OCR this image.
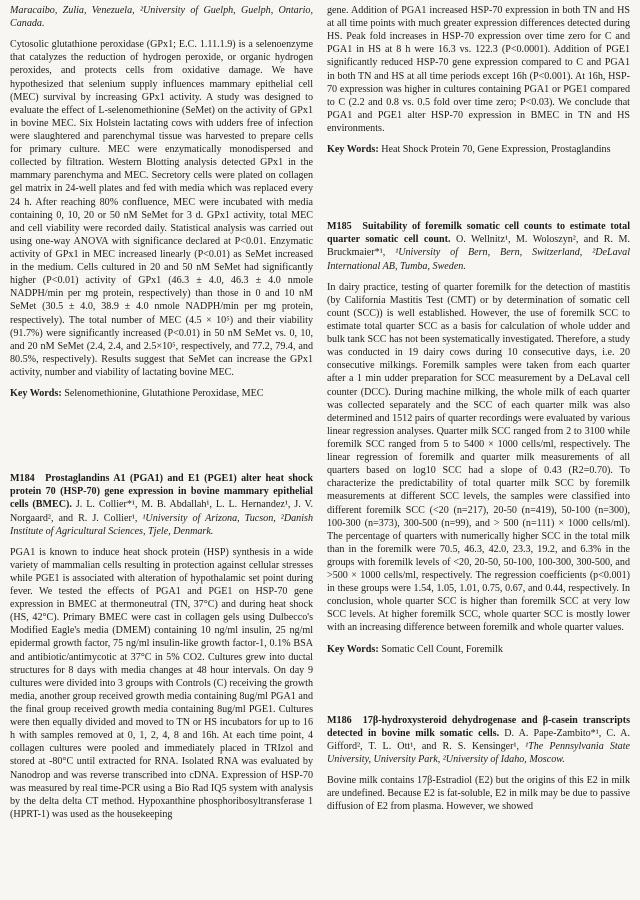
Maracaibo, Zulia, Venezuela, ²University of Guelph, Guelph, Ontario, Canada.

Cytosolic glutathione peroxidase (GPx1; E.C. 1.11.1.9) is a selenoenzyme that catalyzes the reduction of hydrogen peroxide, or organic hydrogen peroxides, and protects cells from oxidative damage. We have hypothesized that selenium supply influences mammary epithelial cell (MEC) survival by increasing GPx1 activity. A study was designed to evaluate the effect of L-selenomethionine (SeMet) on the activity of GPx1 in bovine MEC. Six Holstein lactating cows with udders free of infection were slaughtered and parenchymal tissue was harvested to prepare cells for primary culture. MEC were enzymatically monodispersed and collected by filtration. Western Blotting analysis detected GPx1 in the mammary parenchyma and MEC. Secretory cells were plated on collagen gel matrix in 24-well plates and fed with media which was replaced every 24 h. After reaching 80% confluence, MEC were incubated with media containing 0, 10, 20 or 50 nM SeMet for 3 d. GPx1 activity, total MEC and cell viability were recorded daily. Statistical analysis was carried out using one-way ANOVA with significance declared at P<0.01. Enzymatic activity of GPx1 in MEC increased linearly (P<0.01) as SeMet increased in the medium. Cells cultured in 20 and 50 nM SeMet had significantly higher (P<0.01) activity of GPx1 (46.3 ± 4.0, 46.3 ± 4.0 nmole NADPH/min per mg protein, respectively) than those in 0 and 10 nM SeMet (30.5 ± 4.0, 38.9 ± 4.0 nmole NADPH/min per mg protein, respectively). The total number of MEC (4.5 × 10⁵) and their viability (91.7%) were significantly increased (P<0.01) in 50 nM SeMet vs. 0, 10, and 20 nM SeMet (2.4, 2.4, and 2.5×10⁵, respectively, and 77.2, 79.4, and 80.5%, respectively). Results suggest that SeMet can increase the GPx1 activity, number and viability of lactating bovine MEC.

Key Words: Selenomethionine, Glutathione Peroxidase, MEC

M184 Prostaglandins A1 (PGA1) and E1 (PGE1) alter heat shock protein 70 (HSP-70) gene expression in bovine mammary epithelial cells (BMEC). J. L. Collier*¹, M. B. Abdallah¹, L. L. Hernandez¹, J. V. Norgaard², and R. J. Collier¹, ¹University of Arizona, Tucson, ²Danish Institute of Agricultural Sciences, Tjele, Denmark.

PGA1 is known to induce heat shock protein (HSP) synthesis in a wide variety of mammalian cells resulting in protection against cellular stresses while PGE1 is associated with alteration of hypothalamic set point during fever. We tested the effects of PGA1 and PGE1 on HSP-70 gene expression in BMEC at thermoneutral (TN, 37°C) and during heat shock (HS, 42°C). Primary BMEC were cast in collagen gels using Dulbecco's Modified Eagle's media (DMEM) containing 10 ng/ml insulin, 25 ng/ml epidermal growth factor, 75 ng/ml insulin-like growth factor-1, 0.1% BSA and antibiotic/antimycotic at 37°C in 5% CO2. Cultures grew into ductal structures for 8 days with media changes at 48 hour intervals. On day 9 cultures were divided into 3 groups with Controls (C) receiving the growth media, another group received growth media containing 8ug/ml PGA1 and the final group received growth media containing 8ug/ml PGE1. Cultures were then equally divided and moved to TN or HS incubators for up to 16 h with samples removed at 0, 1, 2, 4, 8 and 16h. At each time point, 4 collagen cultures were pooled and immediately placed in TRIzol and stored at -80°C until extracted for RNA. Isolated RNA was evaluated by Nanodrop and was reverse transcribed into cDNA. Expression of HSP-70 was measured by real time-PCR using a Bio Rad IQ5 system with analysis by the delta delta CT method. Hypoxanthine phosphoribosyltransferase 1 (HPRT-1) was used as the housekeeping

gene. Addition of PGA1 increased HSP-70 expression in both TN and HS at all time points with much greater expression differences detected during HS. Peak fold increases in HSP-70 expression over time zero for C and PGA1 in HS at 8 h were 16.3 vs. 122.3 (P<0.0001). Addition of PGE1 significantly reduced HSP-70 gene expression compared to C and PGA1 in both TN and HS at all time periods except 16h (P<0.001). At 16h, HSP-70 expression was higher in cultures containing PGA1 or PGE1 compared to C (2.2 and 0.8 vs. 0.5 fold over time zero; P<0.03). We conclude that PGA1 and PGE1 alter HSP-70 expression in BMEC in TN and HS environments.

Key Words: Heat Shock Protein 70, Gene Expression, Prostaglandins

M185 Suitability of foremilk somatic cell counts to estimate total quarter somatic cell count. O. Wellnitz¹, M. Woloszyn², and R. M. Bruckmaier*¹, ¹University of Bern, Bern, Switzerland, ²DeLaval International AB, Tumba, Sweden.

In dairy practice, testing of quarter foremilk for the detection of mastitis (by California Mastitis Test (CMT) or by determination of somatic cell count (SCC)) is well established. However, the use of foremilk SCC to estimate total quarter SCC as a basis for calculation of whole udder and bulk tank SCC has not been systematically investigated. Therefore, a study was conducted in 19 dairy cows during 10 consecutive days, i.e. 20 consecutive milkings. Foremilk samples were taken from each quarter after a 1 min udder preparation for SCC measurement by a DeLaval cell counter (DCC). During machine milking, the whole milk of each quarter was collected separately and the SCC of each quarter milk was also determined and 1512 pairs of quarter recordings were evaluated by various linear regression analyses. Quarter milk SCC ranged from 2 to 3100 while foremilk SCC ranged from 5 to 5400 × 1000 cells/ml, respectively. The linear regression of foremilk and quarter milk measurements of all quarters based on log10 SCC had a slope of 0.43 (R2=0.70). To characterize the predictability of total quarter milk SCC by foremilk measurements at different SCC levels, the samples were classified into different foremilk SCC (<20 (n=217), 20-50 (n=419), 50-100 (n=300), 100-300 (n=373), 300-500 (n=99), and > 500 (n=111) × 1000 cells/ml). The percentage of quarters with numerically higher SCC in the total milk than in the foremilk were 70.5, 46.3, 42.0, 23.3, 19.2, and 6.3% in the groups with foremilk levels of <20, 20-50, 50-100, 100-300, 300-500, and >500 × 1000 cells/ml, respectively. The regression coefficients (p<0.001) in these groups were 1.54, 1.05, 1.01, 0.75, 0.67, and 0.44, respectively. In conclusion, whole quarter SCC is higher than foremilk SCC at very low SCC levels. At higher foremilk SCC, whole quarter SCC is mostly lower with an increasing difference between foremilk and whole quarter values.

Key Words: Somatic Cell Count, Foremilk

M186 17β-hydroxysteroid dehydrogenase and β-casein transcripts detected in bovine milk somatic cells. D. A. Pape-Zambito*¹, C. A. Gifford², T. L. Ott¹, and R. S. Kensinger¹, ¹The Pennsylvania State University, University Park, ²University of Idaho, Moscow.

Bovine milk contains 17β-Estradiol (E2) but the origins of this E2 in milk are undefined. Because E2 is fat-soluble, E2 in milk may be due to passive diffusion of E2 from plasma. However, we showed
